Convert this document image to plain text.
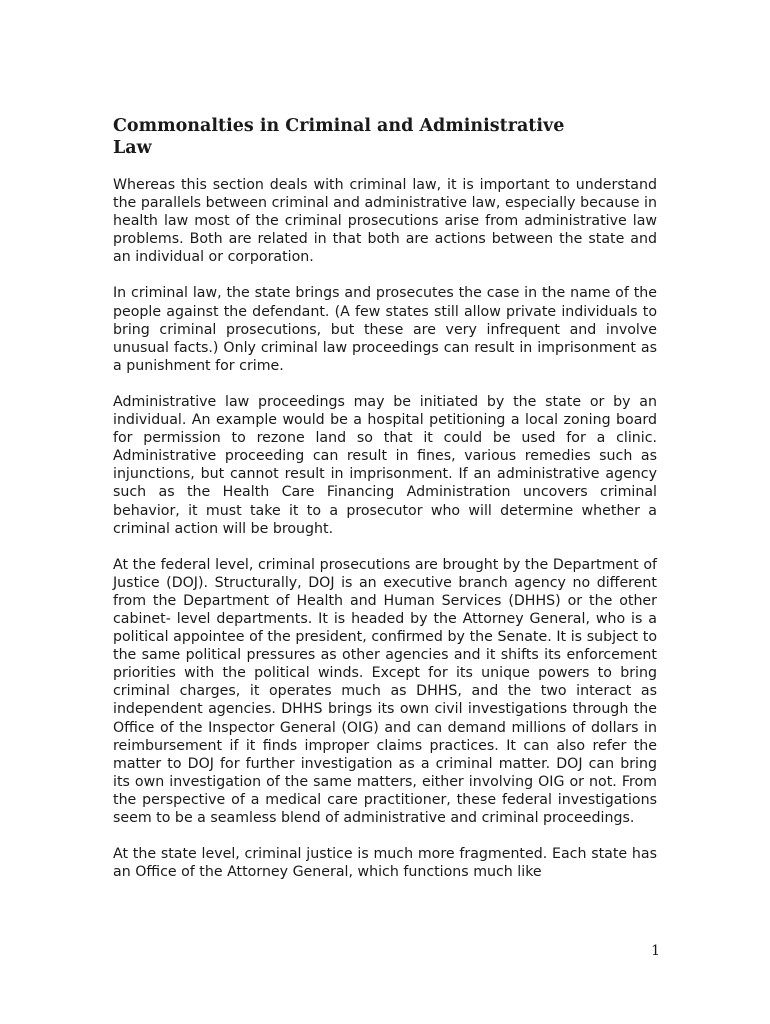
Commonalties in Criminal and Administrative Law

Whereas this section deals with criminal law, it is important to understand the parallels between criminal and administrative law, especially because in health law most of the criminal prosecutions arise from administrative law problems. Both are related in that both are actions between the state and an individual or corporation.

In criminal law, the state brings and prosecutes the case in the name of the people against the defendant. (A few states still allow private individuals to bring criminal prosecutions, but these are very infrequent and involve unusual facts.) Only criminal law proceedings can result in imprisonment as a punishment for crime.

Administrative law proceedings may be initiated by the state or by an individual. An example would be a hospital petitioning a local zoning board for permission to rezone land so that it could be used for a clinic. Administrative proceeding can result in fines, various remedies such as injunctions, but cannot result in imprisonment. If an administrative agency such as the Health Care Financing Administration uncovers criminal behavior, it must take it to a prosecutor who will determine whether a criminal action will be brought.

At the federal level, criminal prosecutions are brought by the Department of Justice (DOJ). Structurally, DOJ is an executive branch agency no different from the Department of Health and Human Services (DHHS) or the other cabinet- level departments. It is headed by the Attorney General, who is a political appointee of the president, confirmed by the Senate. It is subject to the same political pressures as other agencies and it shifts its enforcement priorities with the political winds. Except for its unique powers to bring criminal charges, it operates much as DHHS, and the two interact as independent agencies. DHHS brings its own civil investigations through the Office of the Inspector General (OIG) and can demand millions of dollars in reimbursement if it finds improper claims practices. It can also refer the matter to DOJ for further investigation as a criminal matter. DOJ can bring its own investigation of the same matters, either involving OIG or not. From the perspective of a medical care practitioner, these federal investigations seem to be a seamless blend of administrative and criminal proceedings.

At the state level, criminal justice is much more fragmented. Each state has an Office of the Attorney General, which functions much like

1
